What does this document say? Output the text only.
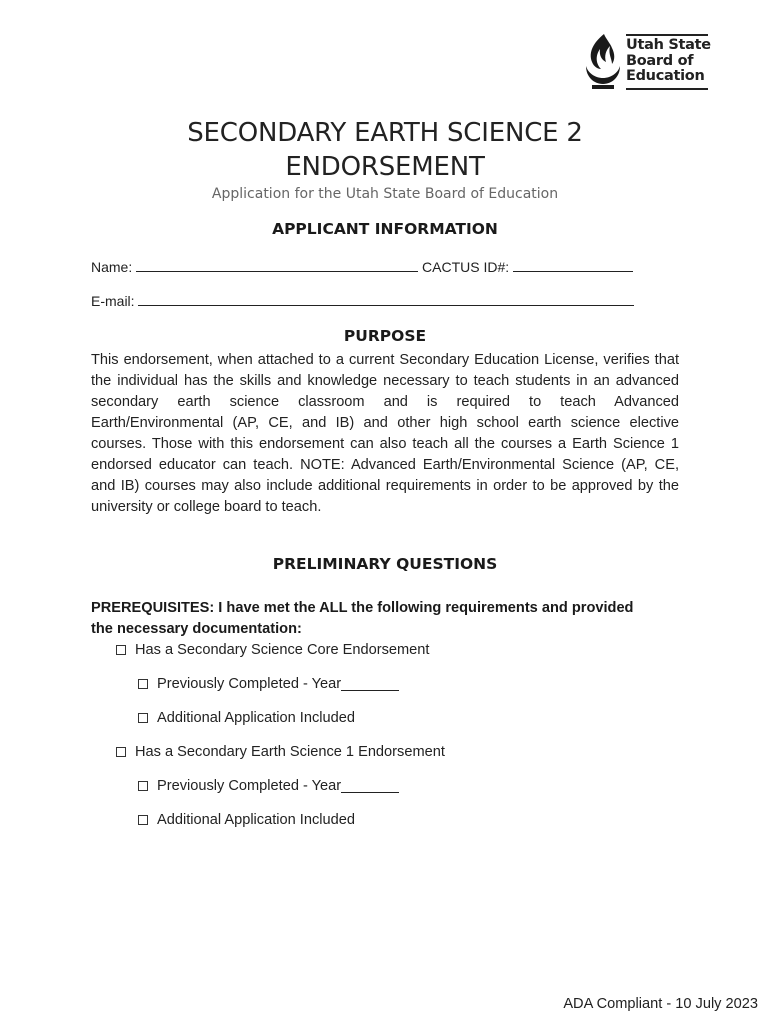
Utah State
Board of
Education
SECONDARY EARTH SCIENCE 2
ENDORSEMENT
Application for the Utah State Board of Education
APPLICANT INFORMATION
Name:	CACTUS ID#:
E-mail:
PURPOSE
This endorsement, when attached to a current Secondary Education License, verifies that the individual has the skills and knowledge necessary to teach students in an advanced secondary earth science classroom and is required to teach Advanced Earth/Environmental (AP, CE, and IB) and other high school earth science elective courses. Those with this endorsement can also teach all the courses a Earth Science 1 endorsed educator can teach. NOTE: Advanced Earth/Environmental Science (AP, CE, and IB) courses may also include additional requirements in order to be approved by the university or college board to teach.
PRELIMINARY QUESTIONS
PREREQUISITES: I have met the ALL the following requirements and provided
the necessary documentation:
Has a Secondary Science Core Endorsement
Previously Completed - Year
Additional Application Included
Has a Secondary Earth Science 1 Endorsement
Previously Completed - Year
Additional Application Included
ADA Compliant - 10 July 2023
